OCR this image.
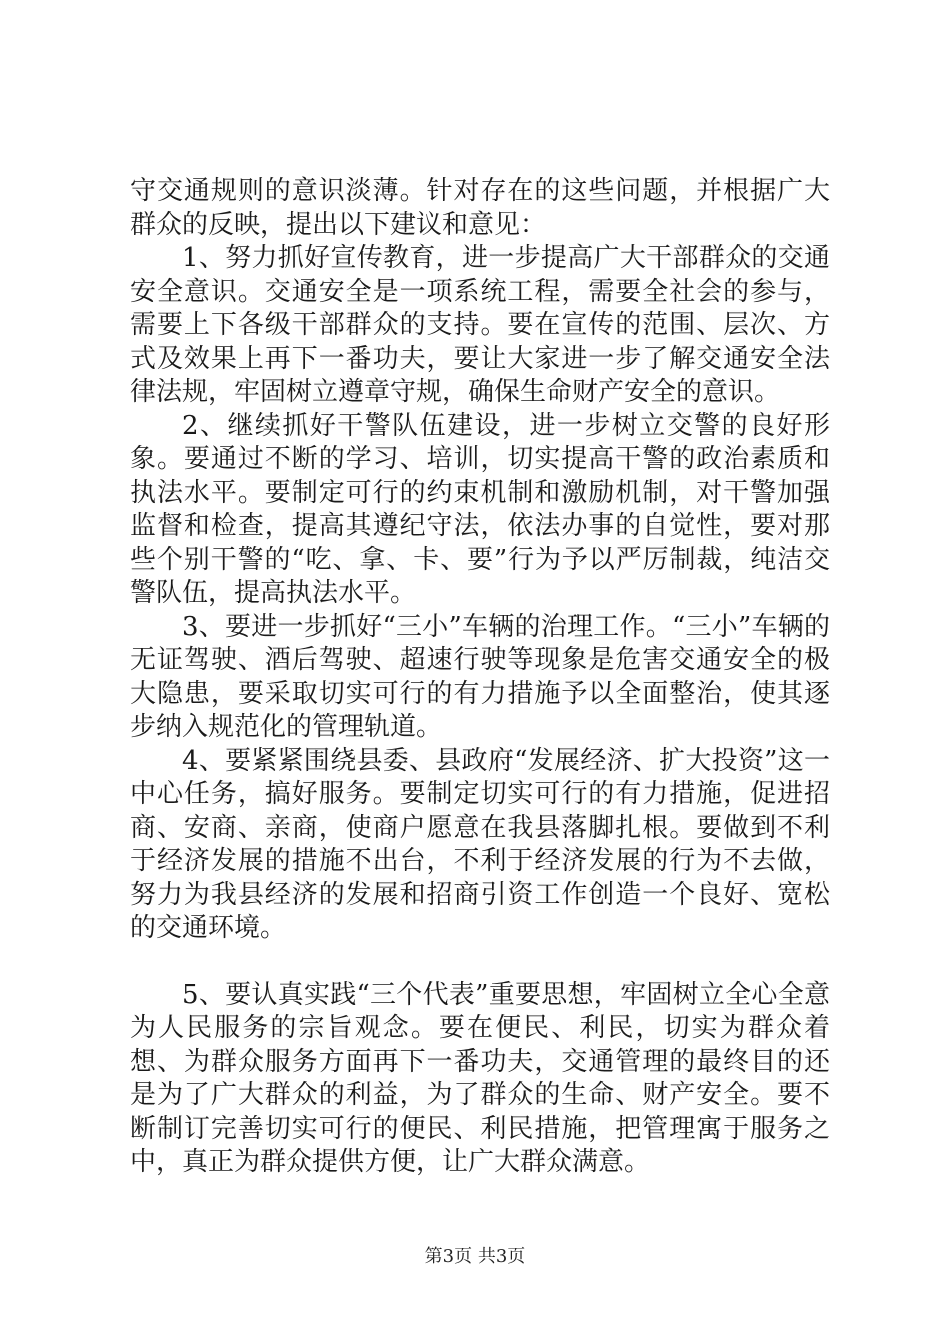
守交通规则的意识淡薄。针对存在的这些问题，并根据广大群众的反映，提出以下建议和意见：

1、努力抓好宣传教育，进一步提高广大干部群众的交通安全意识。交通安全是一项系统工程，需要全社会的参与，需要上下各级干部群众的支持。要在宣传的范围、层次、方式及效果上再下一番功夫，要让大家进一步了解交通安全法律法规，牢固树立遵章守规，确保生命财产安全的意识。

2、继续抓好干警队伍建设，进一步树立交警的良好形象。要通过不断的学习、培训，切实提高干警的政治素质和执法水平。要制定可行的约束机制和激励机制，对干警加强监督和检查，提高其遵纪守法，依法办事的自觉性，要对那些个别干警的“吃、拿、卡、要”行为予以严厉制裁，纯洁交警队伍，提高执法水平。

3、要进一步抓好“三小”车辆的治理工作。“三小”车辆的无证驾驶、酒后驾驶、超速行驶等现象是危害交通安全的极大隐患，要采取切实可行的有力措施予以全面整治，使其逐步纳入规范化的管理轨道。

4、要紧紧围绕县委、县政府“发展经济、扩大投资”这一中心任务，搞好服务。要制定切实可行的有力措施，促进招商、安商、亲商，使商户愿意在我县落脚扎根。要做到不利于经济发展的措施不出台，不利于经济发展的行为不去做，努力为我县经济的发展和招商引资工作创造一个良好、宽松的交通环境。

5、要认真实践“三个代表”重要思想，牢固树立全心全意为人民服务的宗旨观念。要在便民、利民，切实为群众着想、为群众服务方面再下一番功夫，交通管理的最终目的还是为了广大群众的利益，为了群众的生命、财产安全。要不断制订完善切实可行的便民、利民措施，把管理寓于服务之中，真正为群众提供方便，让广大群众满意。

第3页 共3页
